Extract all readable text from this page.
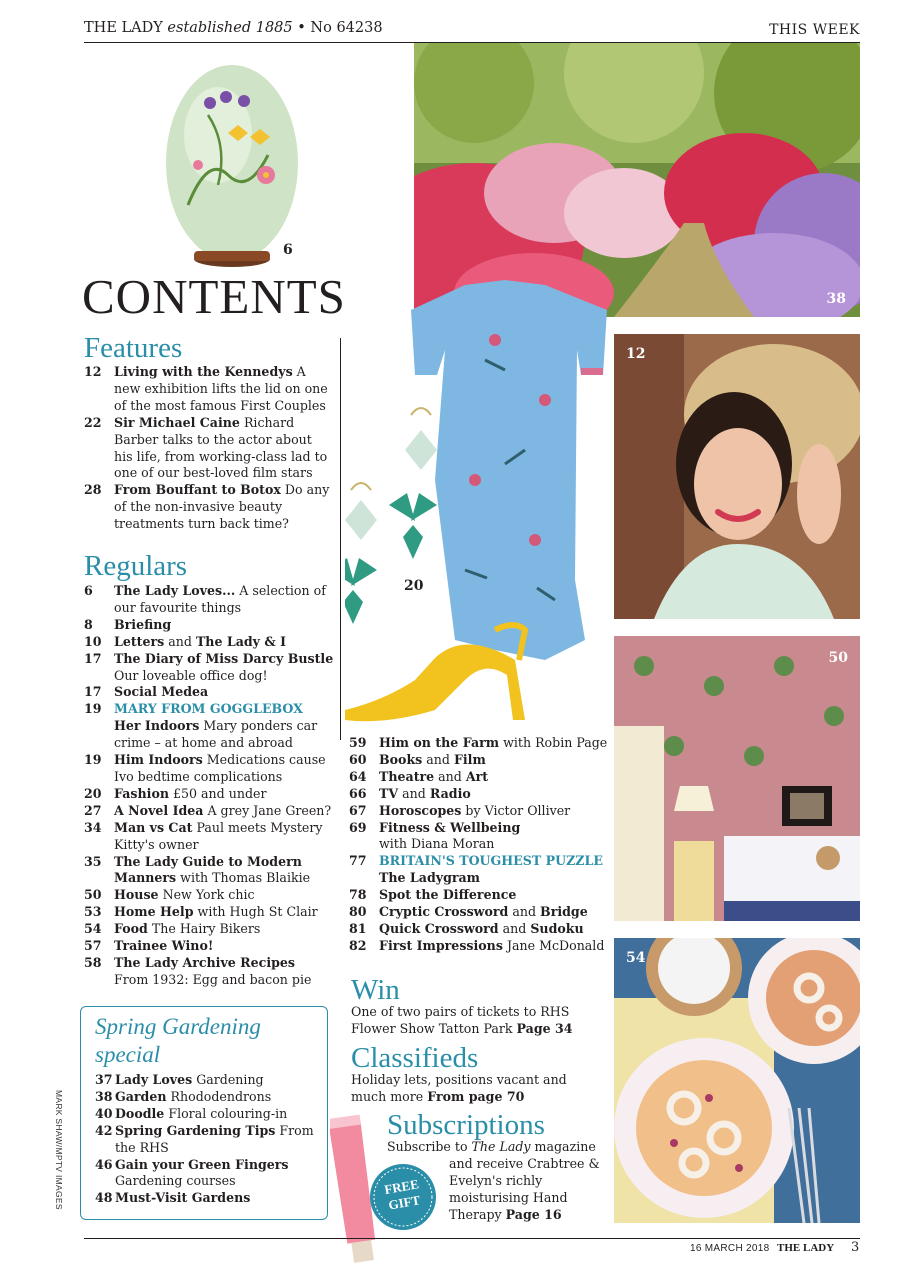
THE LADY established 1885 • No 64238	THIS WEEK
6
38
CONTENTS
Features
12 Living with the Kennedys A new exhibition lifts the lid on one of the most famous First Couples
22 Sir Michael Caine Richard Barber talks to the actor about his life, from working-class lad to one of our best-loved film stars
28 From Bouffant to Botox Do any of the non-invasive beauty treatments turn back time?
Regulars
6	The Lady Loves... A selection of our favourite things
8	Briefing
10 Letters and The Lady & I
17 The Diary of Miss Darcy Bustle
Our loveable office dog!
17 Social Medea
19 MARY FROM GOGGLEBOX
Her Indoors Mary ponders car crime – at home and abroad
19 Him Indoors Medications cause Ivo bedtime complications
20 Fashion £50 and under
27 A Novel Idea A grey Jane Green?
34 Man vs Cat Paul meets Mystery Kitty's owner
35 The Lady Guide to Modern Manners with Thomas Blaikie
50 House New York chic
53 Home Help with Hugh St Clair
54 Food The Hairy Bikers
57 Trainee Wino!
58 The Lady Archive Recipes
From 1932: Egg and bacon pie
20
12
50
54
59 Him on the Farm with Robin Page
60 Books and Film
64 Theatre and Art
66 TV and Radio
67 Horoscopes by Victor Olliver
69 Fitness & Wellbeing
with Diana Moran
77 BRITAIN'S TOUGHEST PUZZLE
The Ladygram
78 Spot the Difference
80 Cryptic Crossword and Bridge
81 Quick Crossword and Sudoku
82 First Impressions Jane McDonald
Win
One of two pairs of tickets to RHS Flower Show Tatton Park Page 34
Classifieds
Holiday lets, positions vacant and much more From page 70
Subscriptions
Subscribe to The Lady magazine
and receive Crabtree & Evelyn's richly moisturising Hand Therapy Page 16
FREE
GIFT
Spring Gardening
special
37 Lady Loves Gardening
38 Garden Rhododendrons
40 Doodle Floral colouring-in
42 Spring Gardening Tips From the RHS
46 Gain your Green Fingers
Gardening courses
48 Must-Visit Gardens
MARK SHAW/MPTV IMAGES
16 MARCH 2018 THE LADY 3
